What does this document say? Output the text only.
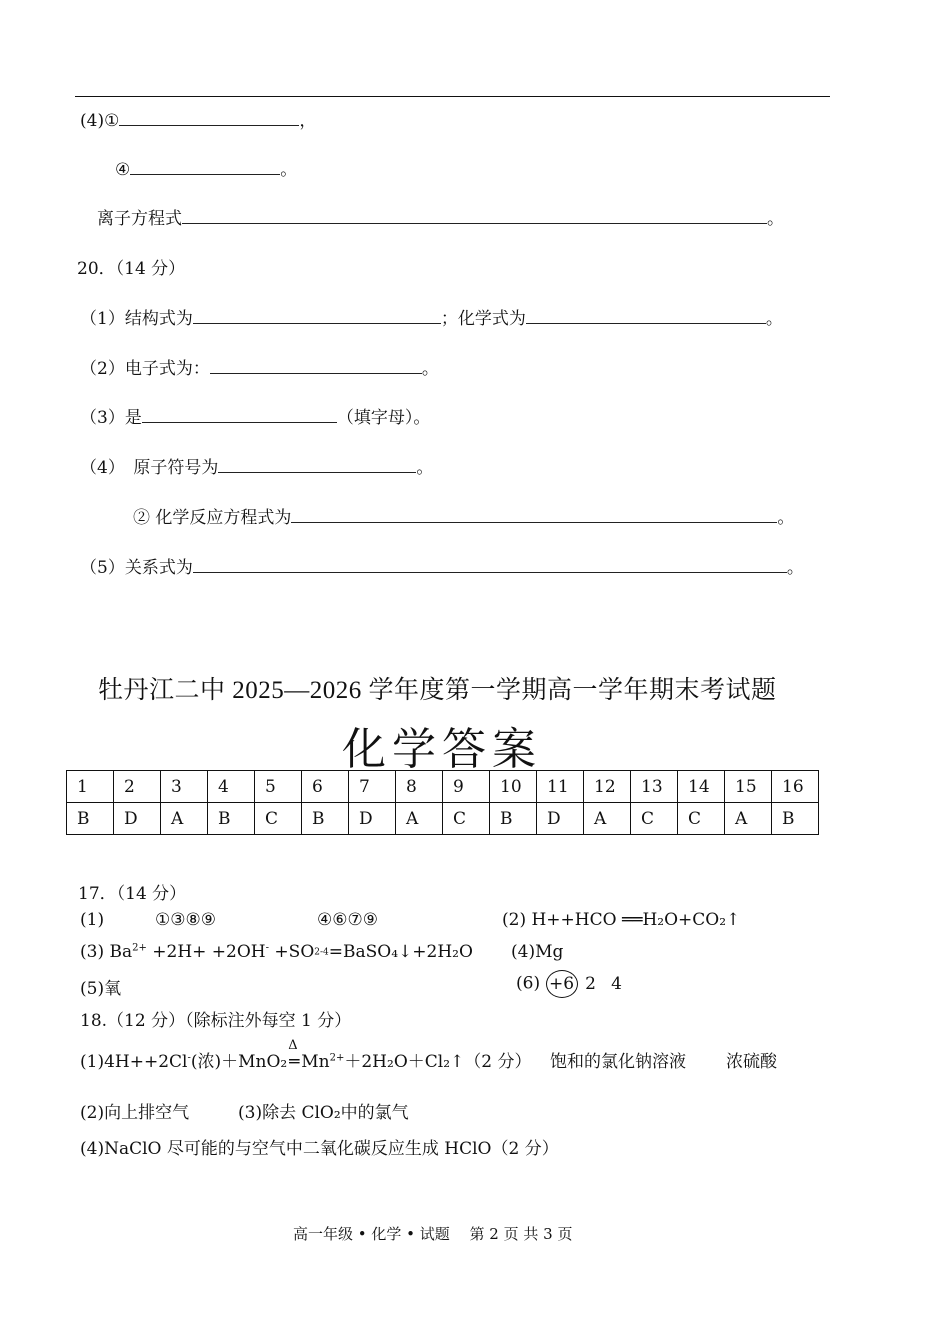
(4)①	，
④	。
离子方程式	。
20．（14 分）
（1）结构式为	；化学式为	。
（2）电子式为：	。
（3）是	（填字母）。
（4）　原子符号为	。
② 化学反应方程式为	。
（5）关系式为	。
牡丹江二中 2025—2026 学年度第一学期高一学年期末考试题
化学答案
1	2	3	4	5	6	7	8	9	10	11	12	13	14	15	16
B	D	A	B	C	B	D	A	C	B	D	A	C	C	A	B
17．（14 分）
(1)	①③⑧⑨	④⑥⑦⑨	(2) H++HCO ══H₂O+CO₂↑
(3) $Ba^{2+} +2H+ +2OH^-$ +SO2-4=BaSO₄↓+2H₂O (4)Mg
(5)氧	(6) +6 2 4
18.（12 分）（除标注外每空 1 分）
(1)4H++2Cl-(浓)＋MnO₂
Δ
═ $Mn^{2+}+2H_2O+Cl_2↑(2$ 分） 饱和的氯化钠溶液 浓硫酸
(2)向上排空气	(3)除去 ClO₂中的氯气
(4)NaClO 尽可能的与空气中二氧化碳反应生成 HClO（2 分）
高一年级 • 化学 • 试题　 第 2 页 共 3 页
